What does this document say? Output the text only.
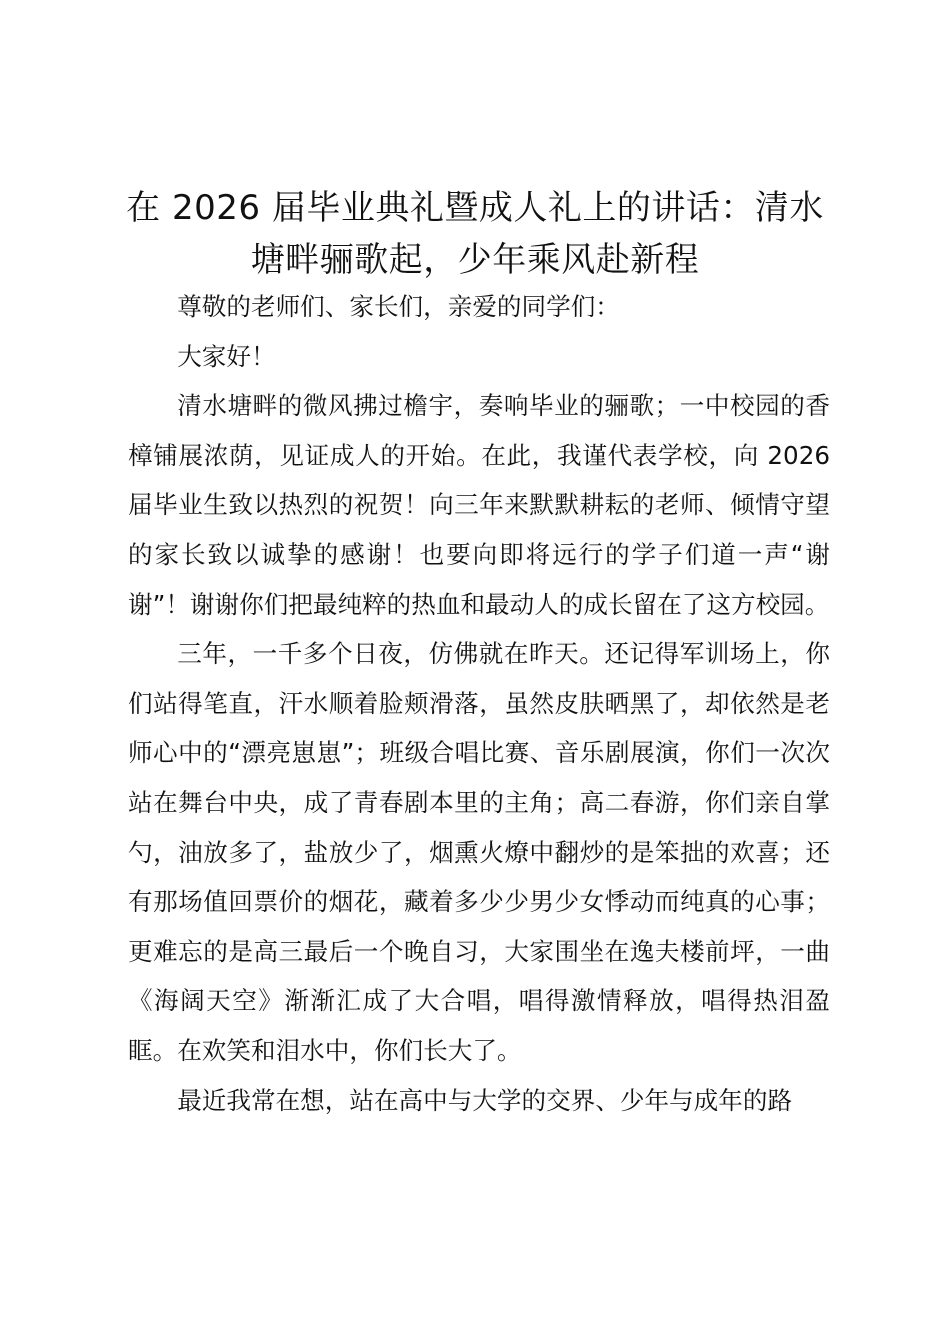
在 2026 届毕业典礼暨成人礼上的讲话：清水塘畔骊歌起，少年乘风赴新程

尊敬的老师们、家长们，亲爱的同学们：

大家好！

清水塘畔的微风拂过檐宇，奏响毕业的骊歌；一中校园的香樟铺展浓荫，见证成人的开始。在此，我谨代表学校，向 2026 届毕业生致以热烈的祝贺！向三年来默默耕耘的老师、倾情守望的家长致以诚挚的感谢！也要向即将远行的学子们道一声“谢谢”！谢谢你们把最纯粹的热血和最动人的成长留在了这方校园。

三年，一千多个日夜，仿佛就在昨天。还记得军训场上，你们站得笔直，汗水顺着脸颊滑落，虽然皮肤晒黑了，却依然是老师心中的“漂亮崽崽”；班级合唱比赛、音乐剧展演，你们一次次站在舞台中央，成了青春剧本里的主角；高二春游，你们亲自掌勺，油放多了，盐放少了，烟熏火燎中翻炒的是笨拙的欢喜；还有那场值回票价的烟花，藏着多少少男少女悸动而纯真的心事；更难忘的是高三最后一个晚自习，大家围坐在逸夫楼前坪，一曲《海阔天空》渐渐汇成了大合唱，唱得激情释放，唱得热泪盈眶。在欢笑和泪水中，你们长大了。

最近我常在想，站在高中与大学的交界、少年与成年的路
